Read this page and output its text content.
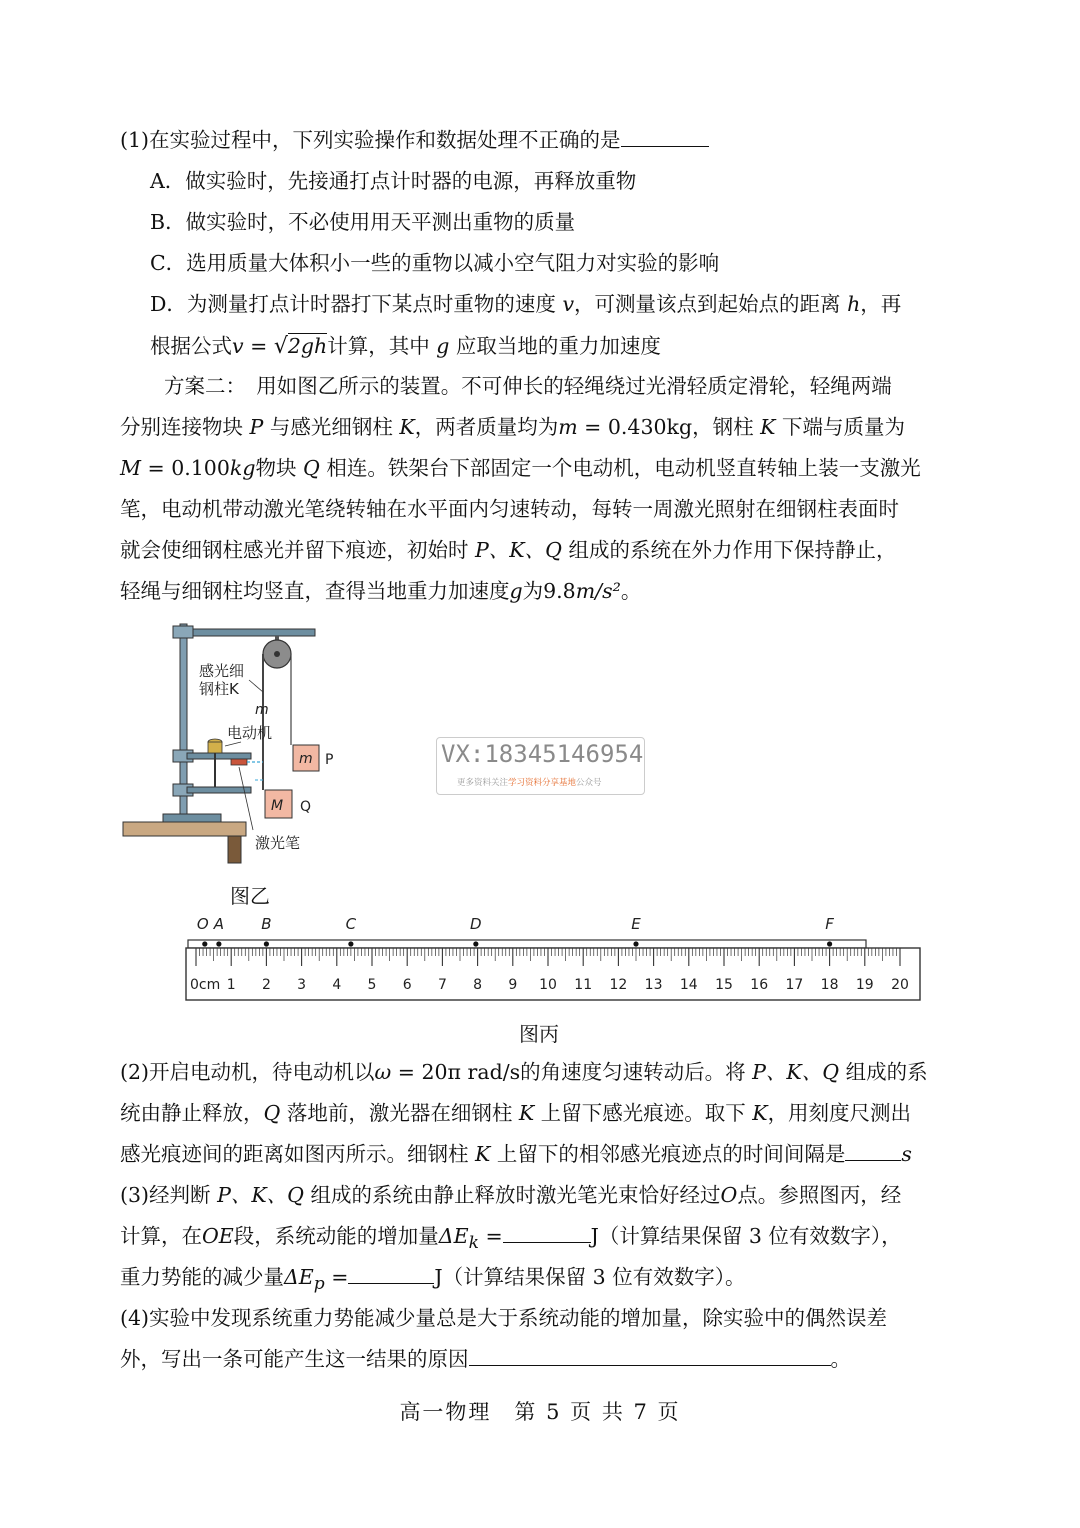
(1)在实验过程中，下列实验操作和数据处理不正确的是
A．做实验时，先接通打点计时器的电源，再释放重物
B．做实验时，不必使用用天平测出重物的质量
C．选用质量大体积小一些的重物以减小空气阻力对实验的影响
D．为测量打点计时器打下某点时重物的速度 v，可测量该点到起始点的距离 h，再
根据公式v = √2gh计算，其中 g 应取当地的重力加速度
方案二：　用如图乙所示的装置。不可伸长的轻绳绕过光滑轻质定滑轮，轻绳两端
分别连接物块 P 与感光细钢柱 K，两者质量均为m = 0.430kg，钢柱 K 下端与质量为
M = 0.100kg物块 Q 相连。铁架台下部固定一个电动机，电动机竖直转轴上装一支激光
笔，电动机带动激光笔绕转轴在水平面内匀速转动，每转一周激光照射在细钢柱表面时
就会使细钢柱感光并留下痕迹，初始时 P、K、Q 组成的系统在外力作用下保持静止，
轻绳与细钢柱均竖直，查得当地重力加速度g为9.8m/s²。
感光细
钢柱K
m
电动机
m P
M Q
激光笔
图乙
VX:18345146954
更多资料关注学习资料分享基地公众号
1 2 3 4 5 6 7 8 9 10 11 12 13 14 15 16 17 18 19 20
O A B	C	D	E	F
0cm
图丙
(2)开启电动机，待电动机以ω = 20π rad/s的角速度匀速转动后。将 P、K、Q 组成的系
统由静止释放，Q 落地前，激光器在细钢柱 K 上留下感光痕迹。取下 K，用刻度尺测出
感光痕迹间的距离如图丙所示。细钢柱 K 上留下的相邻感光痕迹点的时间间隔是	s
(3)经判断 P、K、Q 组成的系统由静止释放时激光笔光束恰好经过O点。参照图丙，经
计算，在OE段，系统动能的增加量$\Delta E_k$ =	J（计算结果保留 3 位有效数字），
重力势能的减少量$\Delta E_p$ =	J（计算结果保留 3 位有效数字）。
(4)实验中发现系统重力势能减少量总是大于系统动能的增加量，除实验中的偶然误差
外，写出一条可能产生这一结果的原因	。
高一物理　第 5 页 共 7 页
